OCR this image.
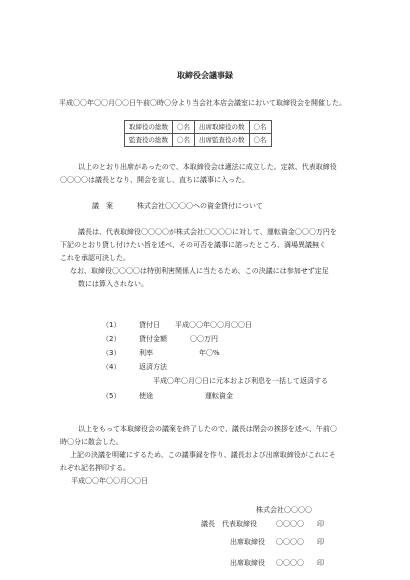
取締役会議事録
平成〇〇年〇〇月〇〇日午前〇時〇分より当会社本店会議室において取締役会を開催した。
取締役の総数	〇名	出席取締役の数	〇名
監査役の総数	〇名	出席監査役の数	〇名
以上のとおり出席があったので、本取締役会は適法に成立した。定款、代表取締役
〇〇〇〇は議長となり、開会を宣し、直ちに議事に入った。
議　案	株式会社〇〇〇〇への資金貸付について
議長は、代表取締役〇〇〇〇が株式会社〇〇〇〇に対して、運転資金〇〇〇万円を
下記のとおり貸し付けたい旨を述べ、その可否を議事に諮ったところ、満場異議無く
これを承認可決した。
なお、取締役〇〇〇〇は特別利害関係人に当たるため、この決議には参加せず定足
数には算入されない。
（1）	貸付日 平成〇〇年〇〇月〇〇日
（2）	貸付金額	〇〇万円
（3）	利率	年〇%
（4）	返済方法
平成〇年〇月〇日に元本および利息を一括して返済する
（5）	使途	運転資金
以上をもって本取締役会の議案を終了したので、議長は閉会の挨拶を述べ、午前〇
時〇分に散会した。
上記の決議を明確にするため、この議事録を作り、議長および出席取締役がこれにそ
れぞれ記名押印する。
平成〇〇年〇〇月〇〇日
株式会社〇〇〇〇
議長　代表取締役	〇〇〇〇 印
出席取締役 〇〇〇〇 印
出席取締役 〇〇〇〇 印
